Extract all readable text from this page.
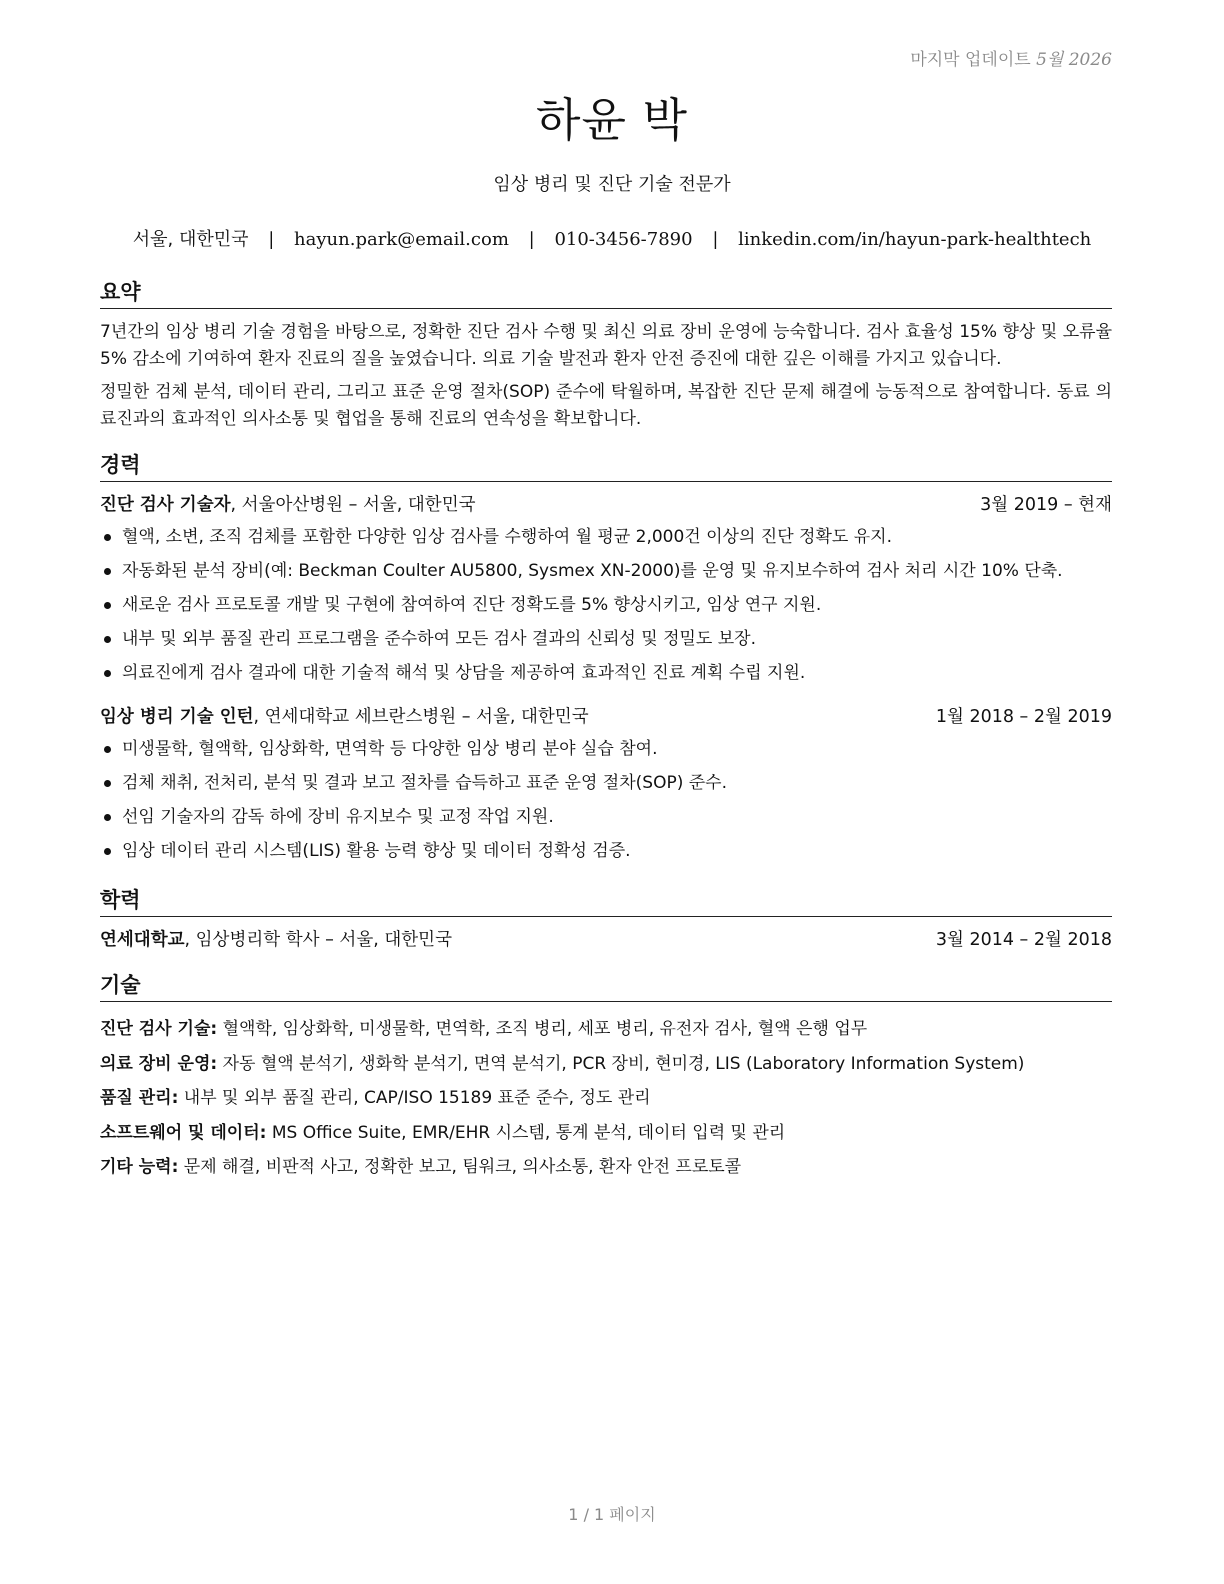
마지막 업데이트 5월 2026
하윤 박
임상 병리 및 진단 기술 전문가
서울, 대한민국 | hayun.park@email.com | 010-3456-7890 | linkedin.com/in/hayun-park-healthtech
요약

7년간의 임상 병리 기술 경험을 바탕으로, 정확한 진단 검사 수행 및 최신 의료 장비 운영에 능숙합니다. 검사 효율성 15% 향상 및 오류율 5% 감소에 기여하여 환자 진료의 질을 높였습니다. 의료 기술 발전과 환자 안전 증진에 대한 깊은 이해를 가지고 있습니다.

정밀한 검체 분석, 데이터 관리, 그리고 표준 운영 절차(SOP) 준수에 탁월하며, 복잡한 진단 문제 해결에 능동적으로 참여합니다. 동료 의료진과의 효과적인 의사소통 및 협업을 통해 진료의 연속성을 확보합니다.

경력
진단 검사 기술자, 서울아산병원 – 서울, 대한민국	3월 2019 – 현재
혈액, 소변, 조직 검체를 포함한 다양한 임상 검사를 수행하여 월 평균 2,000건 이상의 진단 정확도 유지.
자동화된 분석 장비(예: Beckman Coulter AU5800, Sysmex XN-2000)를 운영 및 유지보수하여 검사 처리 시간 10% 단축.
새로운 검사 프로토콜 개발 및 구현에 참여하여 진단 정확도를 5% 향상시키고, 임상 연구 지원.
내부 및 외부 품질 관리 프로그램을 준수하여 모든 검사 결과의 신뢰성 및 정밀도 보장.
의료진에게 검사 결과에 대한 기술적 해석 및 상담을 제공하여 효과적인 진료 계획 수립 지원.
임상 병리 기술 인턴, 연세대학교 세브란스병원 – 서울, 대한민국	1월 2018 – 2월 2019
미생물학, 혈액학, 임상화학, 면역학 등 다양한 임상 병리 분야 실습 참여.
검체 채취, 전처리, 분석 및 결과 보고 절차를 습득하고 표준 운영 절차(SOP) 준수.
선임 기술자의 감독 하에 장비 유지보수 및 교정 작업 지원.
임상 데이터 관리 시스템(LIS) 활용 능력 향상 및 데이터 정확성 검증.
학력
연세대학교, 임상병리학 학사 – 서울, 대한민국	3월 2014 – 2월 2018
기술
진단 검사 기술: 혈액학, 임상화학, 미생물학, 면역학, 조직 병리, 세포 병리, 유전자 검사, 혈액 은행 업무
의료 장비 운영: 자동 혈액 분석기, 생화학 분석기, 면역 분석기, PCR 장비, 현미경, LIS (Laboratory Information System)
품질 관리: 내부 및 외부 품질 관리, CAP/ISO 15189 표준 준수, 정도 관리
소프트웨어 및 데이터: MS Office Suite, EMR/EHR 시스템, 통계 분석, 데이터 입력 및 관리
기타 능력: 문제 해결, 비판적 사고, 정확한 보고, 팀워크, 의사소통, 환자 안전 프로토콜
1 / 1 페이지
